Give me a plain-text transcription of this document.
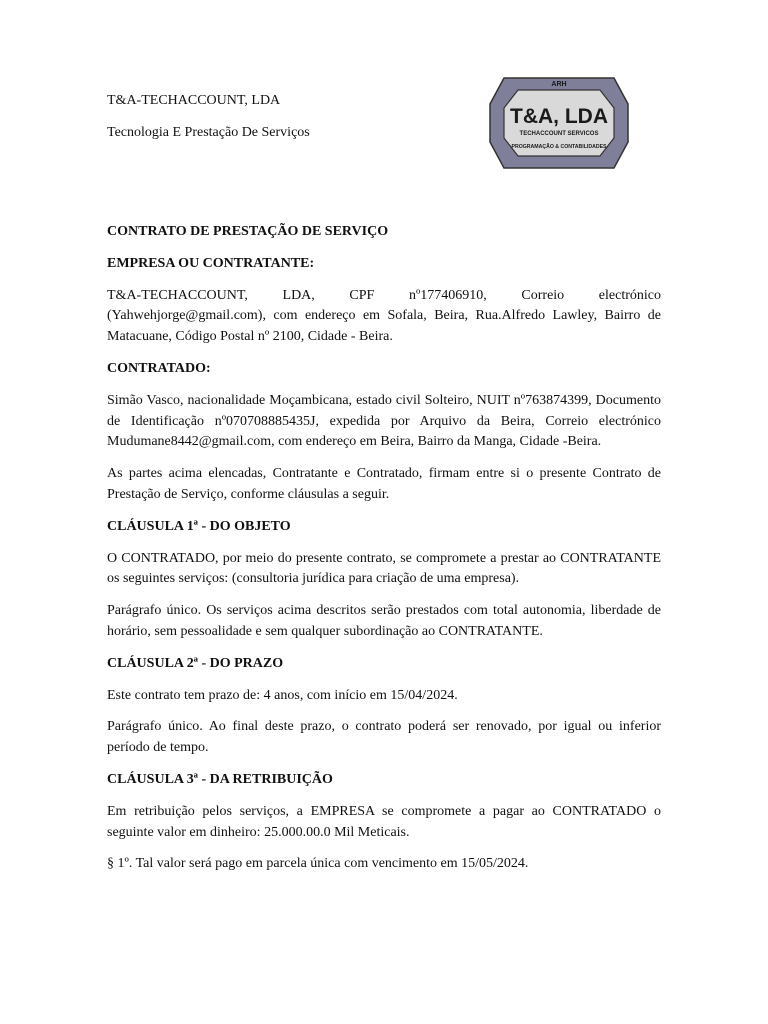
T&A-TECHACCOUNT, LDA
Tecnologia E Prestação De Serviços
ARH
T&A, LDA
TECHACCOUNT SERVICOS
PROGRAMAÇÃO & CONTABILIDADES
CONTRATO DE PRESTAÇÃO DE SERVIÇO
EMPRESA OU CONTRATANTE:

T&A-TECHACCOUNT, LDA, CPF nº177406910, Correio electrónico (Yahwehjorge@gmail.com), com endereço em Sofala, Beira, Rua.Alfredo Lawley, Bairro de Matacuane, Código Postal nº 2100, Cidade - Beira.

CONTRATADO:

Simão Vasco, nacionalidade Moçambicana, estado civil Solteiro, NUIT nº763874399, Documento de Identificação nº070708885435J, expedida por Arquivo da Beira, Correio electrónico Mudumane8442@gmail.com, com endereço em Beira, Bairro da Manga, Cidade -Beira.

As partes acima elencadas, Contratante e Contratado, firmam entre si o presente Contrato de Prestação de Serviço, conforme cláusulas a seguir.

CLÁUSULA 1ª - DO OBJETO

O CONTRATADO, por meio do presente contrato, se compromete a prestar ao CONTRATANTE os seguintes serviços: (consultoria jurídica para criação de uma empresa).

Parágrafo único. Os serviços acima descritos serão prestados com total autonomia, liberdade de horário, sem pessoalidade e sem qualquer subordinação ao CONTRATANTE.

CLÁUSULA 2ª - DO PRAZO

Este contrato tem prazo de: 4 anos, com início em 15/04/2024.

Parágrafo único. Ao final deste prazo, o contrato poderá ser renovado, por igual ou inferior período de tempo.

CLÁUSULA 3ª - DA RETRIBUIÇÃO

Em retribuição pelos serviços, a EMPRESA se compromete a pagar ao CONTRATADO o seguinte valor em dinheiro: 25.000.00.0 Mil Meticais.

§ 1º. Tal valor será pago em parcela única com vencimento em 15/05/2024.
